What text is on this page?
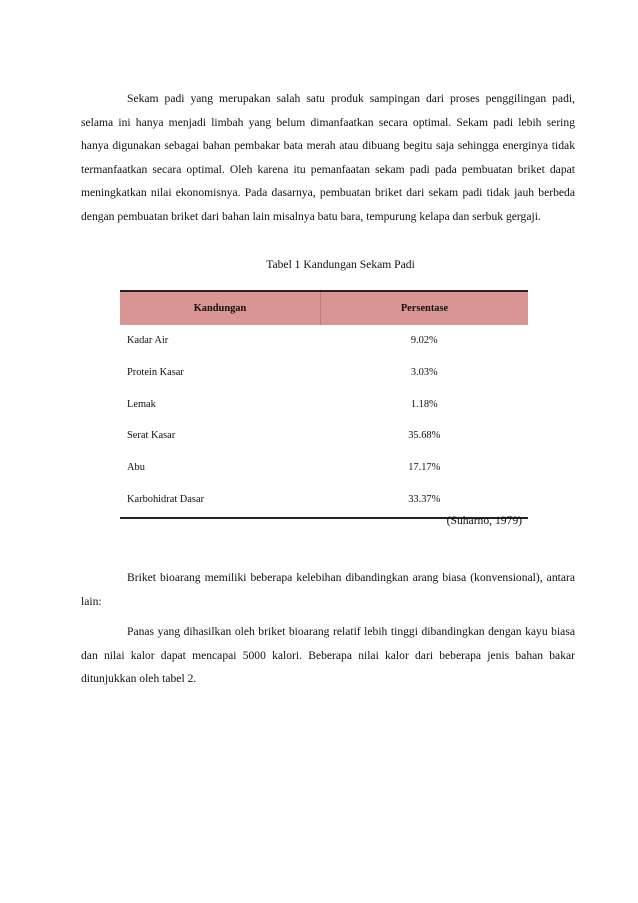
Sekam padi yang merupakan salah satu produk sampingan dari proses penggilingan padi, selama ini hanya menjadi limbah yang belum dimanfaatkan secara optimal. Sekam padi lebih sering hanya digunakan sebagai bahan pembakar bata merah atau dibuang begitu saja sehingga energinya tidak termanfaatkan secara optimal. Oleh karena itu pemanfaatan sekam padi pada pembuatan briket dapat meningkatkan nilai ekonomisnya. Pada dasarnya, pembuatan briket dari sekam padi tidak jauh berbeda dengan pembuatan briket dari bahan lain misalnya batu bara, tempurung kelapa dan serbuk gergaji.

Tabel 1 Kandungan Sekam Padi
Kandungan	Persentase
Kadar Air	9.02%
Protein Kasar	3.03%
Lemak	1.18%
Serat Kasar	35.68%
Abu	17.17%
Karbohidrat Dasar	33.37%

(Suharno, 1979)

Briket bioarang memiliki beberapa kelebihan dibandingkan arang biasa (konvensional), antara lain:

Panas yang dihasilkan oleh briket bioarang relatif lebih tinggi dibandingkan dengan kayu biasa dan nilai kalor dapat mencapai 5000 kalori. Beberapa nilai kalor dari beberapa jenis bahan bakar ditunjukkan oleh tabel 2.
